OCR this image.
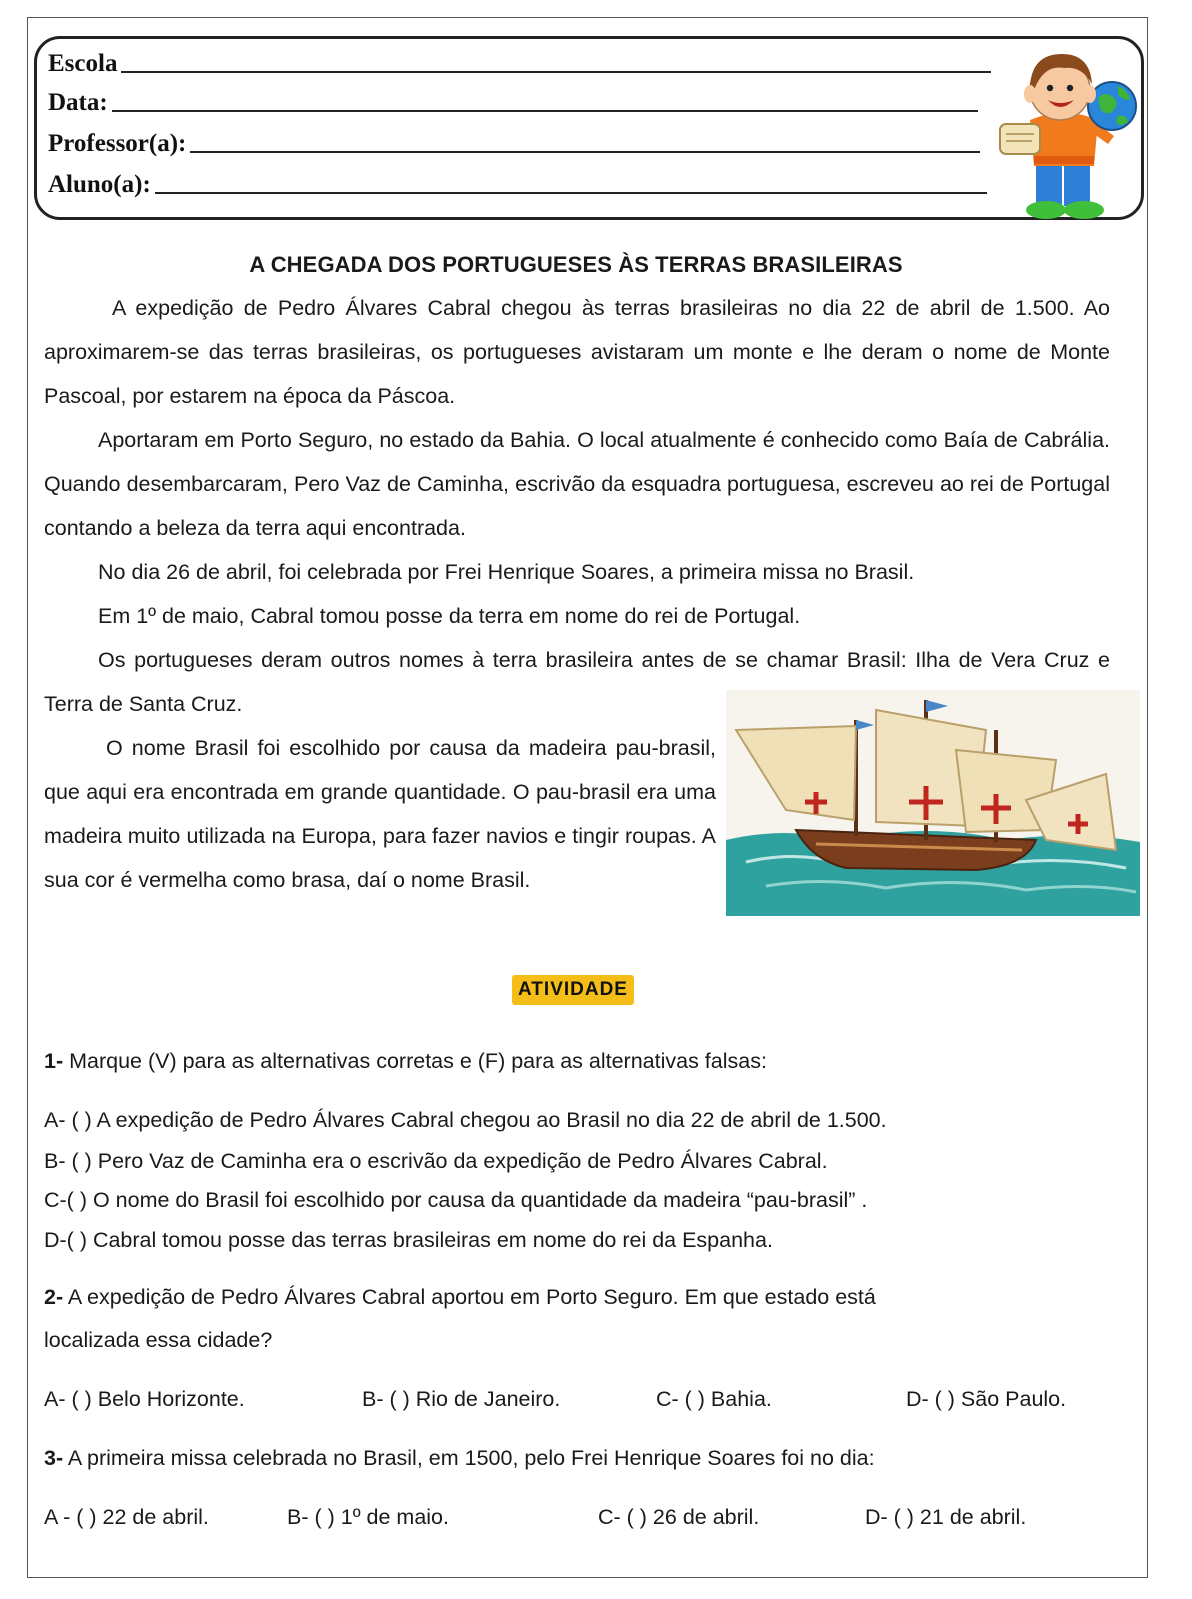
Escola
Data:
Professor(a):
Aluno(a):
A CHEGADA DOS PORTUGUESES ÀS TERRAS BRASILEIRAS

A expedição de Pedro Álvares Cabral chegou às terras brasileiras no dia 22 de abril de 1.500. Ao aproximarem-se das terras brasileiras, os portugueses avistaram um monte e lhe deram o nome de Monte Pascoal, por estarem na época da Páscoa.

Aportaram em Porto Seguro, no estado da Bahia. O local atualmente é conhecido como Baía de Cabrália. Quando desembarcaram, Pero Vaz de Caminha, escrivão da esquadra portuguesa, escreveu ao rei de Portugal contando a beleza da terra aqui encontrada.

No dia 26 de abril, foi celebrada por Frei Henrique Soares, a primeira missa no Brasil.

Em 1º de maio, Cabral tomou posse da terra em nome do rei de Portugal.

Os portugueses deram outros nomes à terra brasileira antes de se chamar Brasil: Ilha de Vera Cruz e Terra de Santa Cruz.

O nome Brasil foi escolhido por causa da madeira pau-brasil, que aqui era encontrada em grande quantidade. O pau-brasil era uma madeira muito utilizada na Europa, para fazer navios e tingir roupas. A sua cor é vermelha como brasa, daí o nome Brasil.

ATIVIDADE
1- Marque (V) para as alternativas corretas e (F) para as alternativas falsas:
A- ( ) A expedição de Pedro Álvares Cabral chegou ao Brasil no dia 22 de abril de 1.500.
B- ( ) Pero Vaz de Caminha era o escrivão da expedição de Pedro Álvares Cabral.
C-( ) O nome do Brasil foi escolhido por causa da quantidade da madeira “pau-brasil” .
D-( ) Cabral tomou posse das terras brasileiras em nome do rei da Espanha.
2- A expedição de Pedro Álvares Cabral aportou em Porto Seguro. Em que estado está
localizada essa cidade?
A- ( ) Belo Horizonte.	B- ( ) Rio de Janeiro.	C- ( ) Bahia.	D- ( ) São Paulo.
3- A primeira missa celebrada no Brasil, em 1500, pelo Frei Henrique Soares foi no dia:
A - ( ) 22 de abril.	B- ( ) 1º de maio.	C- ( ) 26 de abril.	D- ( ) 21 de abril.
